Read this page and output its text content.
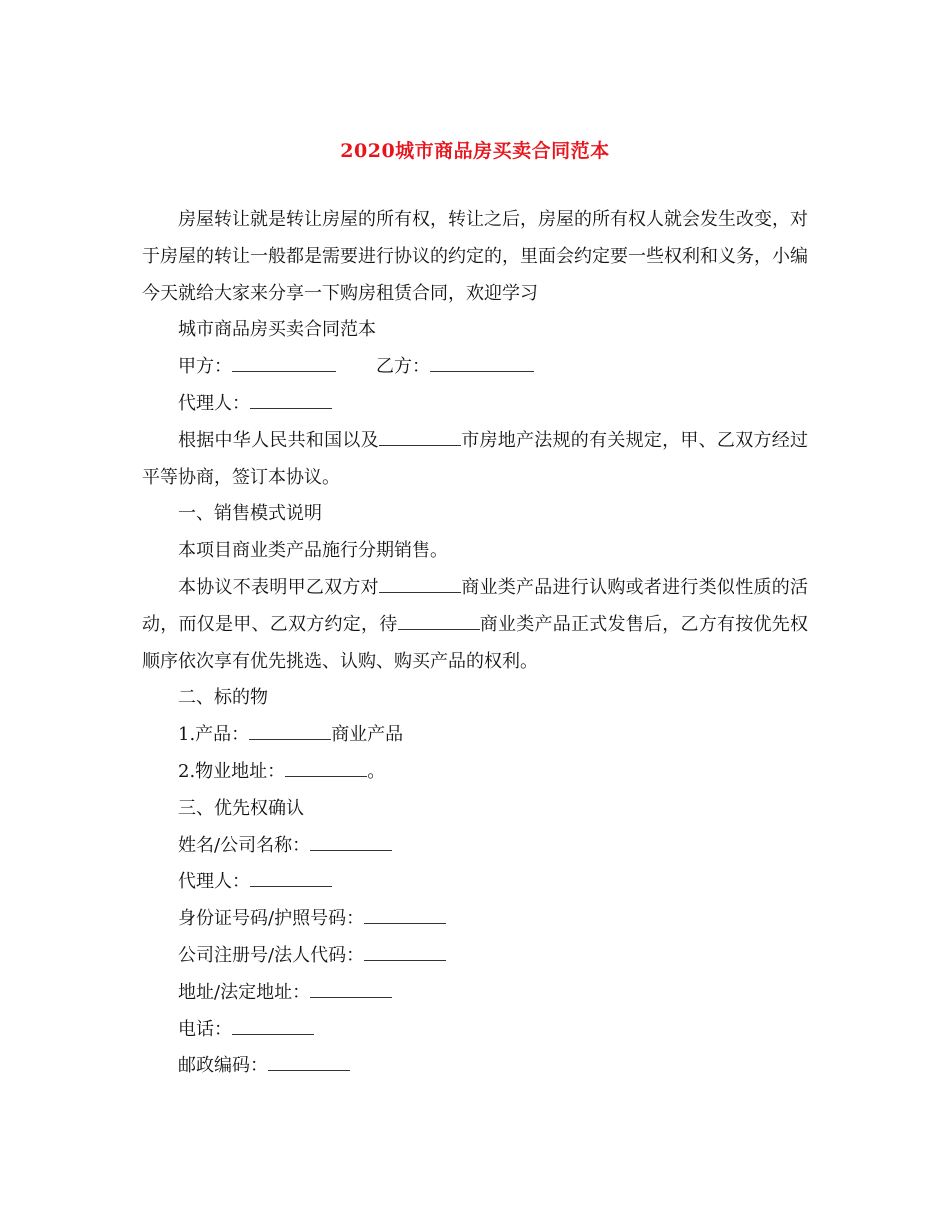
2020城市商品房买卖合同范本

房屋转让就是转让房屋的所有权，转让之后，房屋的所有权人就会发生改变，对于房屋的转让一般都是需要进行协议的约定的，里面会约定要一些权利和义务，小编今天就给大家来分享一下购房租赁合同，欢迎学习

城市商品房买卖合同范本

甲方：	乙方：

代理人：

根据中华人民共和国以及	市房地产法规的有关规定，甲、乙双方经过平等协商，签订本协议。

一、销售模式说明

本项目商业类产品施行分期销售。

本协议不表明甲乙双方对	商业类产品进行认购或者进行类似性质的活动，而仅是甲、乙双方约定，待	商业类产品正式发售后，乙方有按优先权顺序依次享有优先挑选、认购、购买产品的权利。

二、标的物

1.产品：	商业产品

2.物业地址：	。

三、优先权确认

姓名/公司名称：

代理人：

身份证号码/护照号码：

公司注册号/法人代码：

地址/法定地址：

电话：

邮政编码：
